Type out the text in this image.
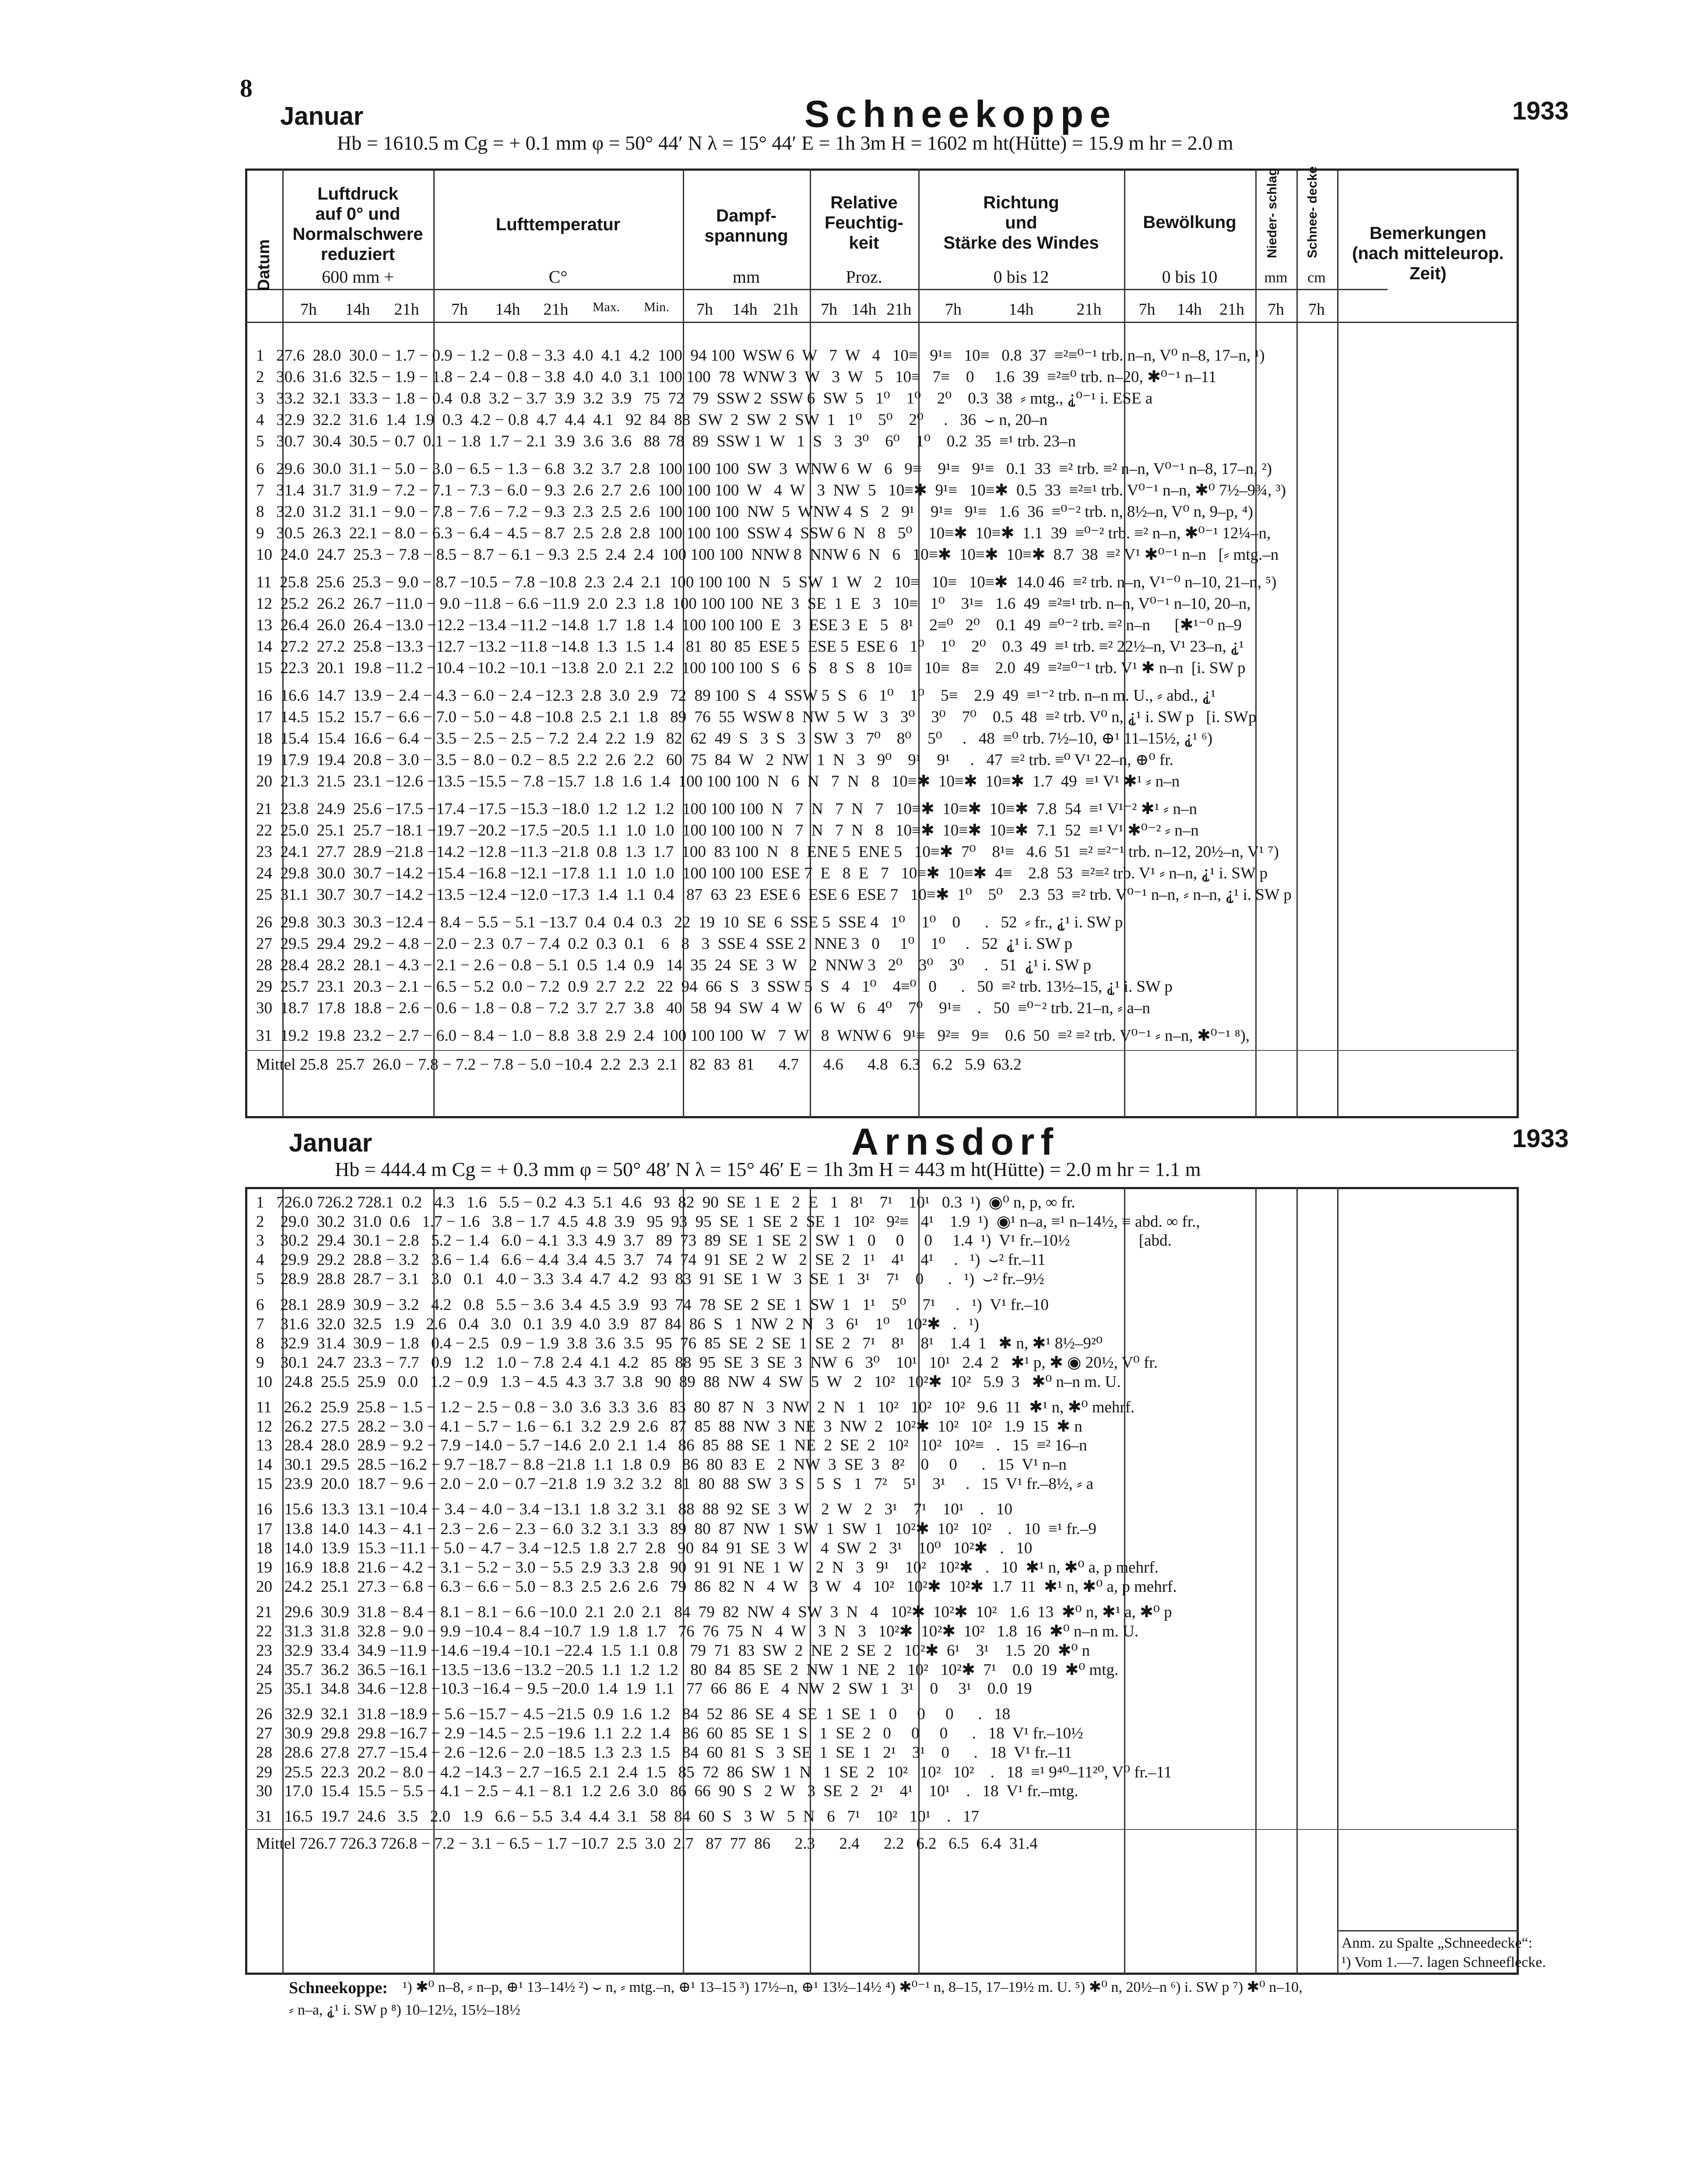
8
Januar	Schneekoppe	1933
Hb = 1610.5 m Cg = + 0.1 mm φ = 50° 44′ N λ = 15° 44′ E = 1h 3m H = 1602 m ht(Hütte) = 15.9 m hr = 2.0 m
Datum
Luftdruck
auf 0° und
Normalschwere
reduziert
600 mm +
Lufttemperatur
C°
Dampf-
spannung
mm
Relative
Feuchtig-
keit
Proz.
Richtung
und
Stärke des Windes
0 bis 12
Bewölkung
0 bis 10
Nieder- schlag
mm
Schnee- decke
cm
Bemerkungen
(nach mitteleurop. Zeit)
7h	14h	21h	7h	14h	21h	Max.	Min.	7h	14h 21h	7h 14h 21h	7h	14h	21h	7h	14h	21h	7h	7h
1   27.6  28.0  30.0 − 1.7 − 0.9 − 1.2 − 0.8 − 3.3  4.0  4.1  4.2  100  94 100  WSW 6  W   7  W   4   10≡   9¹≡   10≡   0.8  37  ≡²≡⁰⁻¹ trb. n–n, V⁰ n–8, 17–n, ¹)
2   30.6  31.6  32.5 − 1.9 − 1.8 − 2.4 − 0.8 − 3.8  4.0  4.0  3.1  100 100  78  WNW 3  W   3  W   5   10≡   7≡    0     1.6  39  ≡²≡⁰ trb. n–20, ✱⁰⁻¹ n–11
3   33.2  32.1  33.3 − 1.8 − 0.4  0.8  3.2 − 3.7  3.9  3.2  3.9   75  72  79  SSW 2  SSW 6  SW  5   1⁰    1⁰    2⁰    0.3  38  ⸗ mtg., ⸘⁰⁻¹ i. ESE a
4   32.9  32.2  31.6  1.4  1.9  0.3  4.2 − 0.8  4.7  4.4  4.1   92  84  88  SW  2  SW  2  SW  1   1⁰    5⁰    2⁰     .   36  ⌣ n, 20–n
5   30.7  30.4  30.5 − 0.7  0.1 − 1.8  1.7 − 2.1  3.9  3.6  3.6   88  78  89  SSW 1  W   1  S   3   3⁰    6⁰    1⁰    0.2  35  ≡¹ trb. 23–n
6   29.6  30.0  31.1 − 5.0 − 3.0 − 6.5 − 1.3 − 6.8  3.2  3.7  2.8  100 100 100  SW  3  WNW 6  W   6   9≡    9¹≡   9¹≡   0.1  33  ≡² trb. ≡² n–n, V⁰⁻¹ n–8, 17–n, ²)
7   31.4  31.7  31.9 − 7.2 − 7.1 − 7.3 − 6.0 − 9.3  2.6  2.7  2.6  100 100 100  W   4  W   3  NW  5   10≡✱  9¹≡   10≡✱  0.5  33  ≡²≡¹ trb. V⁰⁻¹ n–n, ✱⁰ 7½–9¾, ³)
8   32.0  31.2  31.1 − 9.0 − 7.8 − 7.6 − 7.2 − 9.3  2.3  2.5  2.6  100 100 100  NW  5  WNW 4  S   2   9¹    9¹≡   9¹≡   1.6  36  ≡⁰⁻² trb. n, 8½–n, V⁰ n, 9–p, ⁴)
9   30.5  26.3  22.1 − 8.0 − 6.3 − 6.4 − 4.5 − 8.7  2.5  2.8  2.8  100 100 100  SSW 4  SSW 6  N   8   5⁰    10≡✱  10≡✱  1.1  39  ≡⁰⁻² trb. ≡² n–n, ✱⁰⁻¹ 12¼–n,
10  24.0  24.7  25.3 − 7.8 − 8.5 − 8.7 − 6.1 − 9.3  2.5  2.4  2.4  100 100 100  NNW 8  NNW 6  N   6   10≡✱  10≡✱  10≡✱  8.7  38  ≡² V¹ ✱⁰⁻¹ n–n   [⸗ mtg.–n
11  25.8  25.6  25.3 − 9.0 − 8.7 −10.5 − 7.8 −10.8  2.3  2.4  2.1  100 100 100  N   5  SW  1  W   2   10≡   10≡   10≡✱  14.0 46  ≡² trb. n–n, V¹⁻⁰ n–10, 21–n, ⁵)
12  25.2  26.2  26.7 −11.0 − 9.0 −11.8 − 6.6 −11.9  2.0  2.3  1.8  100 100 100  NE  3  SE  1  E   3   10≡   1⁰    3¹≡   1.6  49  ≡²≡¹ trb. n–n, V⁰⁻¹ n–10, 20–n,
13  26.4  26.0  26.4 −13.0 −12.2 −13.4 −11.2 −14.8  1.7  1.8  1.4  100 100 100  E   3  ESE 3  E   5   8¹    2≡⁰   2⁰    0.1  49  ≡⁰⁻² trb. ≡² n–n      [✱¹⁻⁰ n–9
14  27.2  27.2  25.8 −13.3 −12.7 −13.2 −11.8 −14.8  1.3  1.5  1.4   81  80  85  ESE 5  ESE 5  ESE 6   1⁰    1⁰    2⁰    0.3  49  ≡¹ trb. ≡² 22½–n, V¹ 23–n, ⸘¹
15  22.3  20.1  19.8 −11.2 −10.4 −10.2 −10.1 −13.8  2.0  2.1  2.2  100 100 100  S   6  S   8  S   8   10≡   10≡   8≡    2.0  49  ≡²≡⁰⁻¹ trb. V¹ ✱ n–n  [i. SW p
16  16.6  14.7  13.9 − 2.4 − 4.3 − 6.0 − 2.4 −12.3  2.8  3.0  2.9   72  89 100  S   4  SSW 5  S   6   1⁰    1⁰    5≡    2.9  49  ≡¹⁻² trb. n–n m. U., ⸗ abd., ⸘¹
17  14.5  15.2  15.7 − 6.6 − 7.0 − 5.0 − 4.8 −10.8  2.5  2.1  1.8   89  76  55  WSW 8  NW  5  W   3   3⁰    3⁰    7⁰    0.5  48  ≡² trb. V⁰ n, ⸘¹ i. SW p   [i. SWp
18  15.4  15.4  16.6 − 6.4 − 3.5 − 2.5 − 2.5 − 7.2  2.4  2.2  1.9   82  62  49  S   3  S   3  SW  3   7⁰    8⁰    5⁰     .   48  ≡⁰ trb. 7½–10, ⊕¹ 11–15½, ⸘¹ ⁶)
19  17.9  19.4  20.8 − 3.0 − 3.5 − 8.0 − 0.2 − 8.5  2.2  2.6  2.2   60  75  84  W   2  NW  1  N   3   9⁰    9¹    9¹     .   47  ≡² trb. ≡⁰ V¹ 22–n, ⊕⁰ fr.
20  21.3  21.5  23.1 −12.6 −13.5 −15.5 − 7.8 −15.7  1.8  1.6  1.4  100 100 100  N   6  N   7  N   8   10≡✱  10≡✱  10≡✱  1.7  49  ≡¹ V¹ ✱¹ ⸗ n–n
21  23.8  24.9  25.6 −17.5 −17.4 −17.5 −15.3 −18.0  1.2  1.2  1.2  100 100 100  N   7  N   7  N   7   10≡✱  10≡✱  10≡✱  7.8  54  ≡¹ V¹⁻² ✱¹ ⸗ n–n
22  25.0  25.1  25.7 −18.1 −19.7 −20.2 −17.5 −20.5  1.1  1.0  1.0  100 100 100  N   7  N   7  N   8   10≡✱  10≡✱  10≡✱  7.1  52  ≡¹ V¹ ✱⁰⁻² ⸗ n–n
23  24.1  27.7  28.9 −21.8 −14.2 −12.8 −11.3 −21.8  0.8  1.3  1.7  100  83 100  N   8  ENE 5  ENE 5   10≡✱  7⁰    8¹≡   4.6  51  ≡² ≡²⁻¹ trb. n–12, 20½–n, V¹ ⁷)
24  29.8  30.0  30.7 −14.2 −15.4 −16.8 −12.1 −17.8  1.1  1.0  1.0  100 100 100  ESE 7  E   8  E   7   10≡✱  10≡✱  4≡    2.8  53  ≡²≡² trb. V¹ ⸗ n–n, ⸘¹ i. SW p
25  31.1  30.7  30.7 −14.2 −13.5 −12.4 −12.0 −17.3  1.4  1.1  0.4   87  63  23  ESE 6  ESE 6  ESE 7   10≡✱  1⁰    5⁰    2.3  53  ≡² trb. V⁰⁻¹ n–n, ⸗ n–n, ⸘¹ i. SW p
26  29.8  30.3  30.3 −12.4 − 8.4 − 5.5 − 5.1 −13.7  0.4  0.4  0.3   22  19  10  SE  6  SSE 5  SSE 4   1⁰    1⁰    0      .   52  ⸗ fr., ⸘¹ i. SW p
27  29.5  29.4  29.2 − 4.8 − 2.0 − 2.3  0.7 − 7.4  0.2  0.3  0.1    6   8   3  SSE 4  SSE 2  NNE 3   0     1⁰    1⁰     .   52  ⸘¹ i. SW p
28  28.4  28.2  28.1 − 4.3 − 2.1 − 2.6 − 0.8 − 5.1  0.5  1.4  0.9   14  35  24  SE  3  W   2  NNW 3   2⁰    3⁰    3⁰     .   51  ⸘¹ i. SW p
29  25.7  23.1  20.3 − 2.1 − 6.5 − 5.2  0.0 − 7.2  0.9  2.7  2.2   22  94  66  S   3  SSW 5  S   4   1⁰    4≡⁰   0      .   50  ≡² trb. 13½–15, ⸘¹ i. SW p
30  18.7  17.8  18.8 − 2.6 − 0.6 − 1.8 − 0.8 − 7.2  3.7  2.7  3.8   40  58  94  SW  4  W   6  W   6   4⁰    7⁰    9¹≡    .   50  ≡⁰⁻² trb. 21–n, ⸗ a–n
31  19.2  19.8  23.2 − 2.7 − 6.0 − 8.4 − 1.0 − 8.8  3.8  2.9  2.4  100 100 100  W   7  W   8  WNW 6   9¹≡   9²≡   9≡    0.6  50  ≡² ≡² trb. V⁰⁻¹ ⸗ n–n, ✱⁰⁻¹ ⁸),
Mittel 25.8  25.7  26.0 − 7.8 − 7.2 − 7.8 − 5.0 −10.4  2.2  2.3  2.1   82  83  81      4.7      4.6      4.8   6.3   6.2   5.9  63.2
Januar	Arnsdorf	1933
Hb = 444.4 m Cg = + 0.3 mm φ = 50° 48′ N λ = 15° 46′ E = 1h 3m H = 443 m ht(Hütte) = 2.0 m hr = 1.1 m
1   726.0 726.2 728.1  0.2   4.3   1.6   5.5 − 0.2  4.3  5.1  4.6   93  82  90  SE  1  E   2  E   1   8¹    7¹    10¹   0.3  ¹)  ◉⁰ n, p, ∞ fr.
2    29.0  30.2  31.0  0.6   1.7 − 1.6   3.8 − 1.7  4.5  4.8  3.9   95  93  95  SE  1  SE  2  SE  1   10²   9²≡   4¹    1.9  ¹)  ◉¹ n–a, ≡¹ n–14½, ≡ abd. ∞ fr.,
3    30.2  29.4  30.1 − 2.8   5.2 − 1.4   6.0 − 4.1  3.3  4.9  3.7   89  73  89  SE  1  SE  2  SW  1   0     0     0     1.4  ¹)  V¹ fr.–10½                 [abd.
4    29.9  29.2  28.8 − 3.2   3.6 − 1.4   6.6 − 4.4  3.4  4.5  3.7   74  74  91  SE  2  W   2  SE  2   1¹    4¹    4¹     .   ¹)  ⌣² fr.–11
5    28.9  28.8  28.7 − 3.1   3.0   0.1   4.0 − 3.3  3.4  4.7  4.2   93  83  91  SE  1  W   3  SE  1   3¹    7¹    0      .   ¹)  ⌣² fr.–9½
6    28.1  28.9  30.9 − 3.2   4.2   0.8   5.5 − 3.6  3.4  4.5  3.9   93  74  78  SE  2  SE  1  SW  1   1¹    5⁰    7¹     .   ¹)  V¹ fr.–10
7    31.6  32.0  32.5   1.9   2.6   0.4   3.0   0.1  3.9  4.0  3.9   87  84  86  S   1  NW  2  N   3   6¹    1⁰    10²✱   .   ¹)
8    32.9  31.4  30.9 − 1.8   0.4 − 2.5   0.9 − 1.9  3.8  3.6  3.5   95  76  85  SE  2  SE  1  SE  2   7¹    8¹    8¹    1.4  1   ✱ n, ✱¹ 8½–9²⁰
9    30.1  24.7  23.3 − 7.7   0.9   1.2   1.0 − 7.8  2.4  4.1  4.2   85  88  95  SE  3  SE  3  NW  6   3⁰    10¹   10¹   2.4  2   ✱¹ p, ✱ ◉ 20½, V⁰ fr.
10   24.8  25.5  25.9   0.0   1.2 − 0.9   1.3 − 4.5  4.3  3.7  3.8   90  89  88  NW  4  SW  5  W   2   10²   10²✱  10²   5.9  3   ✱⁰ n–n m. U.
11   26.2  25.9  25.8 − 1.5 − 1.2 − 2.5 − 0.8 − 3.0  3.6  3.3  3.6   83  80  87  N   3  NW  2  N   1   10²   10²   10²   9.6  11  ✱¹ n, ✱⁰ mehrf.
12   26.2  27.5  28.2 − 3.0 − 4.1 − 5.7 − 1.6 − 6.1  3.2  2.9  2.6   87  85  88  NW  3  NE  3  NW  2   10²✱  10²   10²   1.9  15  ✱ n
13   28.4  28.0  28.9 − 9.2 − 7.9 −14.0 − 5.7 −14.6  2.0  2.1  1.4   86  85  88  SE  1  NE  2  SE  2   10²   10²   10²≡   .   15  ≡² 16–n
14   30.1  29.5  28.5 −16.2 − 9.7 −18.7 − 8.8 −21.8  1.1  1.8  0.9   86  80  83  E   2  NW  3  SE  3   8²    0     0      .   15  V¹ n–n
15   23.9  20.0  18.7 − 9.6 − 2.0 − 2.0 − 0.7 −21.8  1.9  3.2  3.2   81  80  88  SW  3  S   5  S   1   7²    5¹    3¹     .   15  V¹ fr.–8½, ⸗ a
16   15.6  13.3  13.1 −10.4 − 3.4 − 4.0 − 3.4 −13.1  1.8  3.2  3.1   88  88  92  SE  3  W   2  W   2   3¹    7¹    10¹    .   10
17   13.8  14.0  14.3 − 4.1 − 2.3 − 2.6 − 2.3 − 6.0  3.2  3.1  3.3   89  80  87  NW  1  SW  1  SW  1   10²✱  10²   10²    .   10  ≡¹ fr.–9
18   14.0  13.9  15.3 −11.1 − 5.0 − 4.7 − 3.4 −12.5  1.8  2.7  2.8   90  84  91  SE  3  W   4  SW  2   3¹    10⁰   10²✱   .   10
19   16.9  18.8  21.6 − 4.2 − 3.1 − 5.2 − 3.0 − 5.5  2.9  3.3  2.8   90  91  91  NE  1  W   2  N   3   9¹    10²   10²✱   .   10  ✱¹ n, ✱⁰ a, p mehrf.
20   24.2  25.1  27.3 − 6.8 − 6.3 − 6.6 − 5.0 − 8.3  2.5  2.6  2.6   79  86  82  N   4  W   3  W   4   10²   10²✱  10²✱  1.7  11  ✱¹ n, ✱⁰ a, p mehrf.
21   29.6  30.9  31.8 − 8.4 − 8.1 − 8.1 − 6.6 −10.0  2.1  2.0  2.1   84  79  82  NW  4  SW  3  N   4   10²✱  10²✱  10²   1.6  13  ✱⁰ n, ✱¹ a, ✱⁰ p
22   31.3  31.8  32.8 − 9.0 − 9.9 −10.4 − 8.4 −10.7  1.9  1.8  1.7   76  76  75  N   4  W   3  N   3   10²✱  10²✱  10²   1.8  16  ✱⁰ n–n m. U.
23   32.9  33.4  34.9 −11.9 −14.6 −19.4 −10.1 −22.4  1.5  1.1  0.8   79  71  83  SW  2  NE  2  SE  2   10²✱  6¹    3¹    1.5  20  ✱⁰ n
24   35.7  36.2  36.5 −16.1 −13.5 −13.6 −13.2 −20.5  1.1  1.2  1.2   80  84  85  SE  2  NW  1  NE  2   10²   10²✱  7¹    0.0  19  ✱⁰ mtg.
25   35.1  34.8  34.6 −12.8 −10.3 −16.4 − 9.5 −20.0  1.4  1.9  1.1   77  66  86  E   4  NW  2  SW  1   3¹    0     3¹    0.0  19
26   32.9  32.1  31.8 −18.9 − 5.6 −15.7 − 4.5 −21.5  0.9  1.6  1.2   84  52  86  SE  4  SE  1  SE  1   0     0     0      .   18
27   30.9  29.8  29.8 −16.7 − 2.9 −14.5 − 2.5 −19.6  1.1  2.2  1.4   86  60  85  SE  1  S   1  SE  2   0     0     0      .   18  V¹ fr.–10½
28   28.6  27.8  27.7 −15.4 − 2.6 −12.6 − 2.0 −18.5  1.3  2.3  1.5   84  60  81  S   3  SE  1  SE  1   2¹    3¹    0      .   18  V¹ fr.–11
29   25.5  22.3  20.2 − 8.0 − 4.2 −14.3 − 2.7 −16.5  2.1  2.4  1.5   85  72  86  SW  1  N   1  SE  2   10²   10²   10²    .   18  ≡¹ 9⁴⁰–11²⁰, V⁰ fr.–11
30   17.0  15.4  15.5 − 5.5 − 4.1 − 2.5 − 4.1 − 8.1  1.2  2.6  3.0   86  66  90  S   2  W   3  SE  2   2¹    4¹    10¹    .   18  V¹ fr.–mtg.
31   16.5  19.7  24.6   3.5   2.0   1.9   6.6 − 5.5  3.4  4.4  3.1   58  84  60  S   3  W   5  N   6   7¹    10²   10¹    .   17
Mittel 726.7 726.3 726.8 − 7.2 − 3.1 − 6.5 − 1.7 −10.7  2.5  3.0  2.7   87  77  86      2.3      2.4      2.2   6.2   6.5   6.4  31.4
Anm. zu Spalte „Schneedecke“:
¹) Vom 1.—7. lagen Schneeflecke.
Schneekoppe: ¹) ✱⁰ n–8, ⸗ n–p, ⊕¹ 13–14½ ²) ⌣ n, ⸗ mtg.–n, ⊕¹ 13–15 ³) 17½–n, ⊕¹ 13½–14½ ⁴) ✱⁰⁻¹ n, 8–15, 17–19½ m. U. ⁵) ✱⁰ n, 20½–n ⁶) i. SW p ⁷) ✱⁰ n–10,
⸗ n–a, ⸘¹ i. SW p ⁸) 10–12½, 15½–18½
